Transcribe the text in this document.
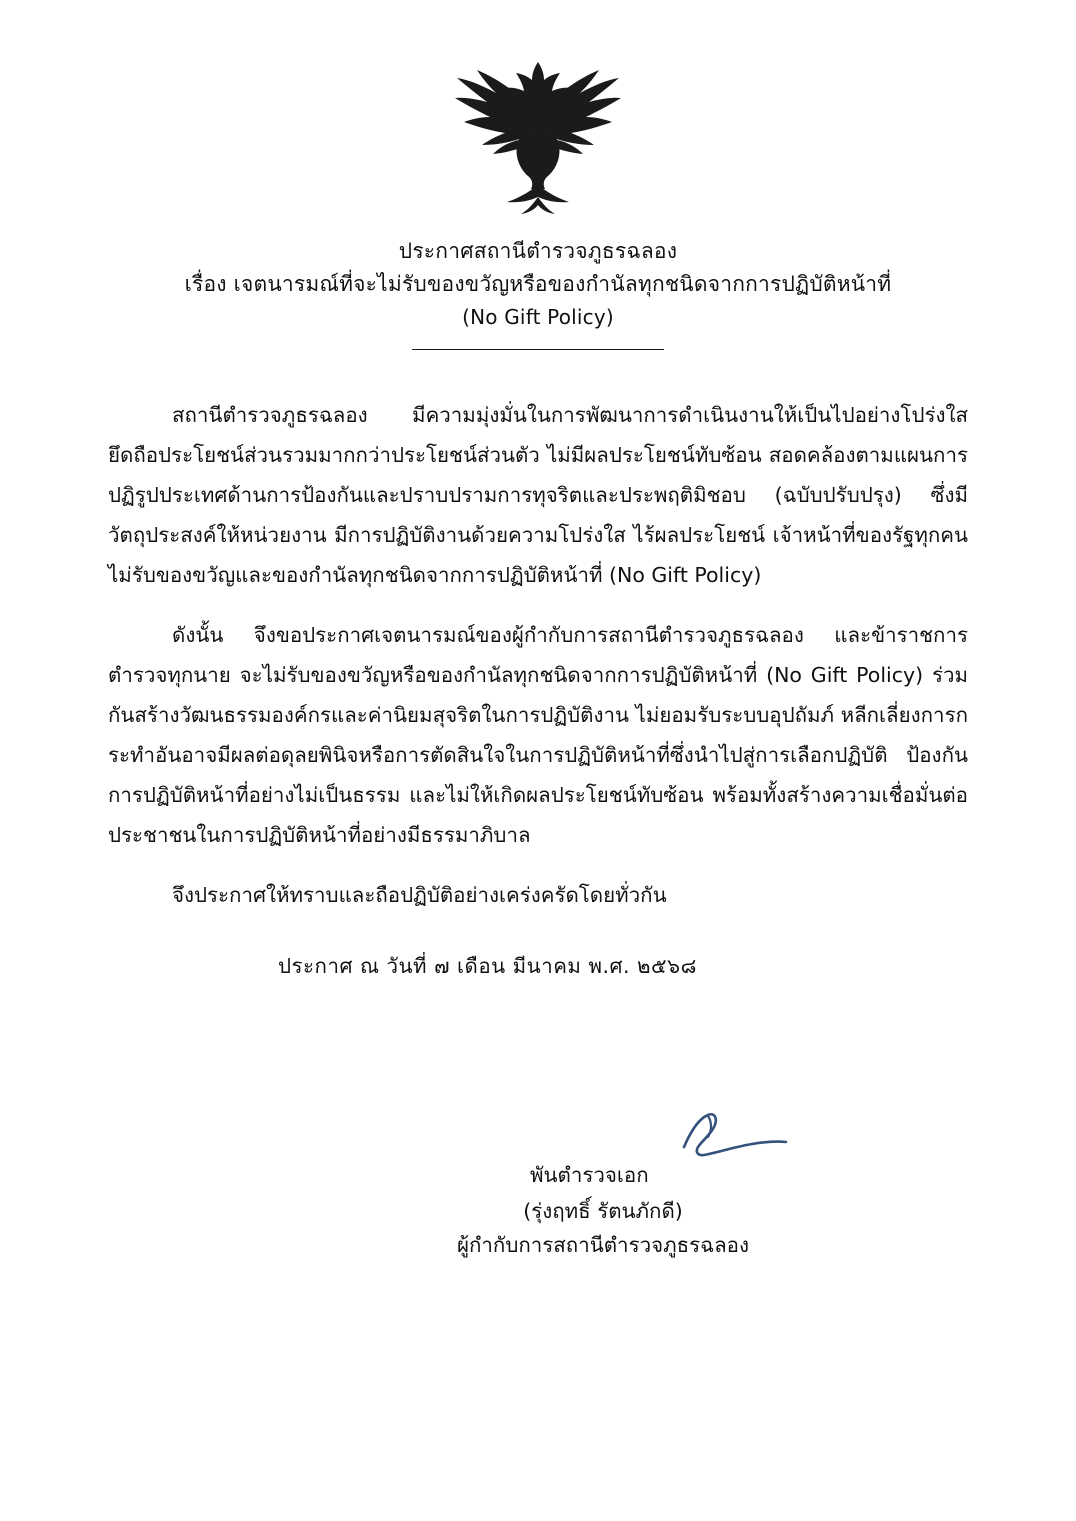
ประกาศสถานีตำรวจภูธรฉลอง
เรื่อง เจตนารมณ์ที่จะไม่รับของขวัญหรือของกำนัลทุกชนิดจากการปฏิบัติหน้าที่
(No Gift Policy)

สถานีตำรวจภูธรฉลอง มีความมุ่งมั่นในการพัฒนาการดำเนินงานให้เป็นไปอย่างโปร่งใส ยึดถือประโยชน์ส่วนรวมมากกว่าประโยชน์ส่วนตัว ไม่มีผลประโยชน์ทับซ้อน สอดคล้องตามแผนการปฏิรูปประเทศด้านการป้องกันและปราบปรามการทุจริตและประพฤติมิชอบ (ฉบับปรับปรุง) ซึ่งมีวัตถุประสงค์ให้หน่วยงาน มีการปฏิบัติงานด้วยความโปร่งใส ไร้ผลประโยชน์ เจ้าหน้าที่ของรัฐทุกคนไม่รับของขวัญและของกำนัลทุกชนิดจากการปฏิบัติหน้าที่ (No Gift Policy)

ดังนั้น จึงขอประกาศเจตนารมณ์ของผู้กำกับการสถานีตำรวจภูธรฉลอง และข้าราชการตำรวจทุกนาย จะไม่รับของขวัญหรือของกำนัลทุกชนิดจากการปฏิบัติหน้าที่ (No Gift Policy) ร่วมกันสร้างวัฒนธรรมองค์กรและค่านิยมสุจริตในการปฏิบัติงาน ไม่ยอมรับระบบอุปถัมภ์ หลีกเลี่ยงการกระทำอันอาจมีผลต่อดุลยพินิจหรือการตัดสินใจในการปฏิบัติหน้าที่ซึ่งนำไปสู่การเลือกปฏิบัติ ป้องกันการปฏิบัติหน้าที่อย่างไม่เป็นธรรม และไม่ให้เกิดผลประโยชน์ทับซ้อน พร้อมทั้งสร้างความเชื่อมั่นต่อประชาชนในการปฏิบัติหน้าที่อย่างมีธรรมาภิบาล

จึงประกาศให้ทราบและถือปฏิบัติอย่างเคร่งครัดโดยทั่วกัน

ประกาศ ณ วันที่ ๗ เดือน มีนาคม พ.ศ. ๒๕๖๘
พันตำรวจเอก
(รุ่งฤทธิ์ รัตนภักดี)
ผู้กำกับการสถานีตำรวจภูธรฉลอง
